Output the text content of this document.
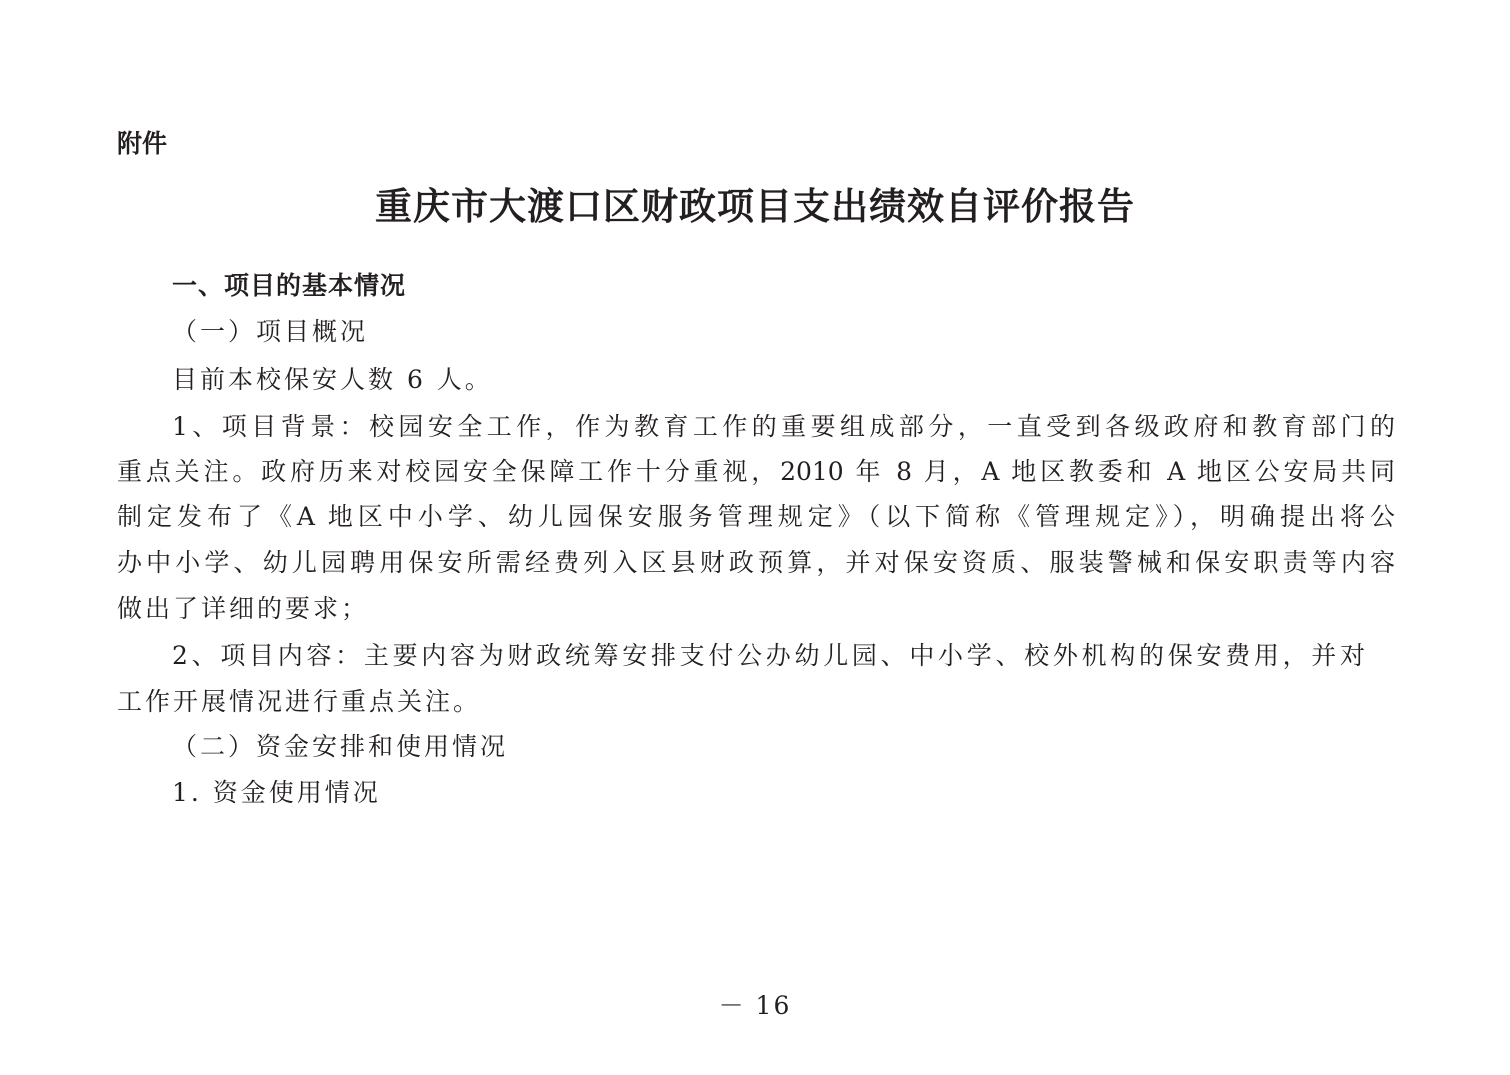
附件
重庆市大渡口区财政项目支出绩效自评价报告
一、项目的基本情况
（一）项目概况
目前本校保安人数 6 人。
1、项目背景：校园安全工作，作为教育工作的重要组成部分，一直受到各级政府和教育部门的
重点关注。政府历来对校园安全保障工作十分重视，2010 年 8 月，A 地区教委和 A 地区公安局共同
制定发布了《A 地区中小学、幼儿园保安服务管理规定》（以下简称《管理规定》），明确提出将公
办中小学、幼儿园聘用保安所需经费列入区县财政预算，并对保安资质、服装警械和保安职责等内容
做出了详细的要求；
2、项目内容：主要内容为财政统筹安排支付公办幼儿园、中小学、校外机构的保安费用，并对
工作开展情况进行重点关注。
（二）资金安排和使用情况
1. 资金使用情况
－ 16
